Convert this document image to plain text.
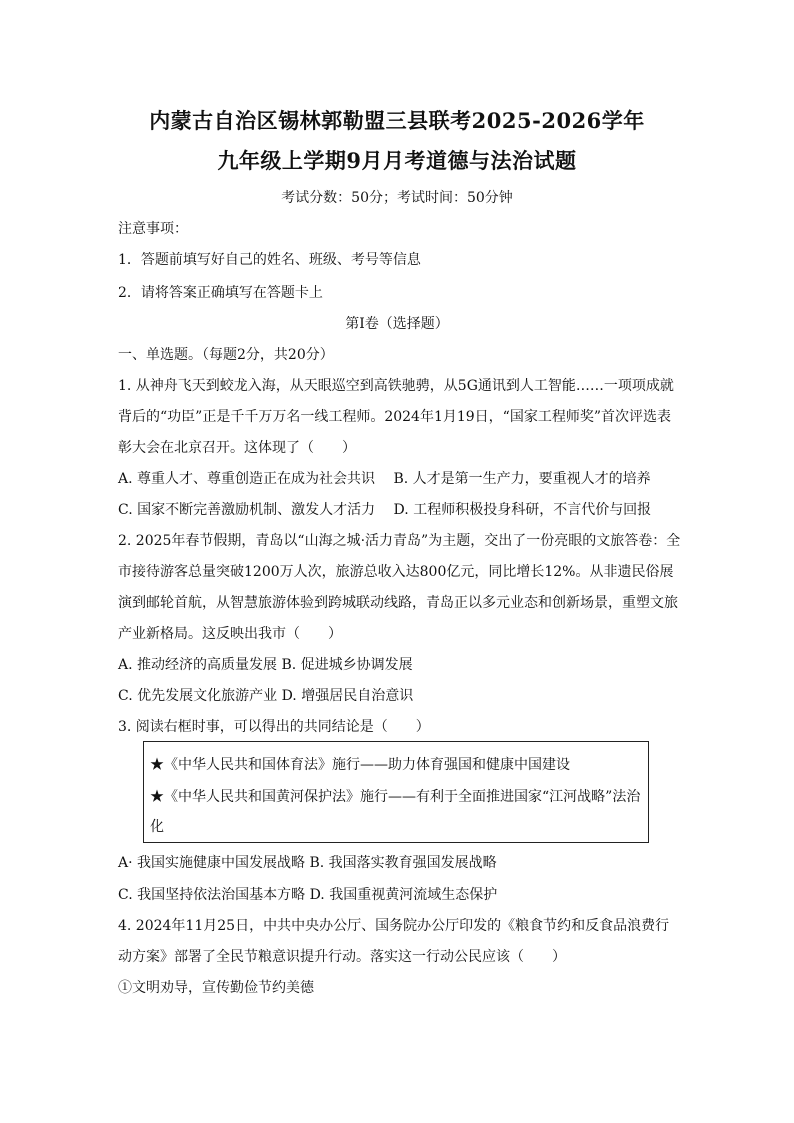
内蒙古自治区锡林郭勒盟三县联考2025-2026学年
九年级上学期9月月考道德与法治试题
考试分数：50分；考试时间：50分钟
注意事项：
1．答题前填写好自己的姓名、班级、考号等信息
2．请将答案正确填写在答题卡上
第I卷（选择题）
一、单选题。（每题2分，共20分）
1. 从神舟飞天到蛟龙入海，从天眼巡空到高铁驰骋，从5G通讯到人工智能……一项项成就
背后的“功臣”正是千千万万名一线工程师。2024年1月19日，“国家工程师奖”首次评选表
彰大会在北京召开。这体现了（　　）
A. 尊重人才、尊重创造正在成为社会共识　 B. 人才是第一生产力，要重视人才的培养
C. 国家不断完善激励机制、激发人才活力　 D. 工程师积极投身科研，不言代价与回报
2. 2025年春节假期，青岛以“山海之城·活力青岛”为主题，交出了一份亮眼的文旅答卷：全
市接待游客总量突破1200万人次，旅游总收入达800亿元，同比增长12%。从非遗民俗展
演到邮轮首航，从智慧旅游体验到跨城联动线路，青岛正以多元业态和创新场景，重塑文旅
产业新格局。这反映出我市（　　）
A. 推动经济的高质量发展 B. 促进城乡协调发展
C. 优先发展文化旅游产业 D. 增强居民自治意识
3. 阅读右框时事，可以得出的共同结论是（　　）
★《中华人民共和国体育法》施行——助力体育强国和健康中国建设
★《中华人民共和国黄河保护法》施行——有利于全面推进国家“江河战略”法治
化
A· 我国实施健康中国发展战略 B. 我国落实教育强国发展战略
C. 我国坚持依法治国基本方略 D. 我国重视黄河流域生态保护
4. 2024年11月25日，中共中央办公厅、国务院办公厅印发的《粮食节约和反食品浪费行
动方案》部署了全民节粮意识提升行动。落实这一行动公民应该（　　）
①文明劝导，宣传勤俭节约美德
